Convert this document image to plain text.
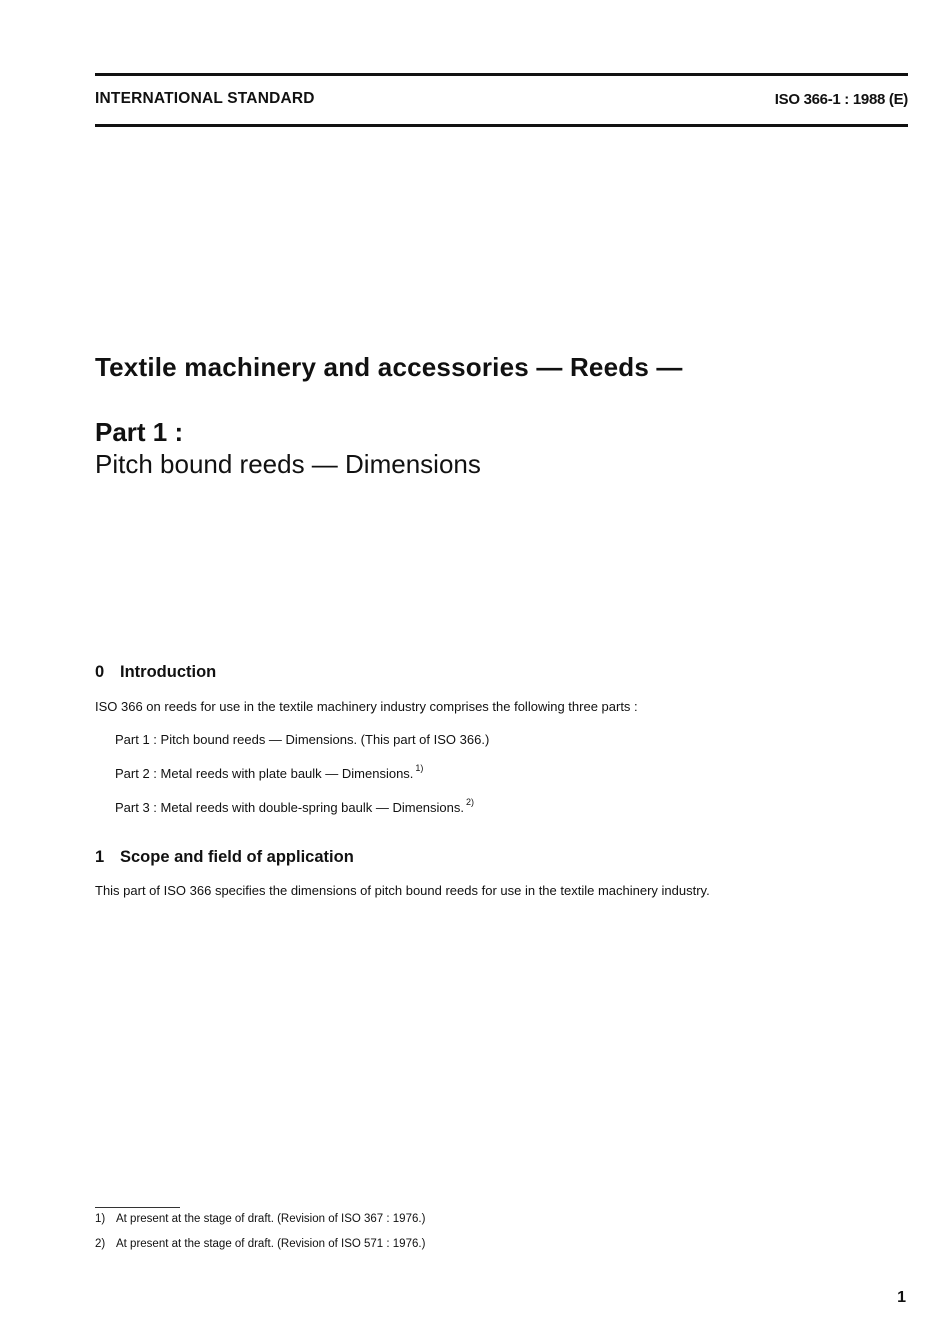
INTERNATIONAL STANDARD	ISO 366-1 : 1988 (E)
Textile machinery and accessories — Reeds —
Part 1 :
Pitch bound reeds — Dimensions
0 Introduction
ISO 366 on reeds for use in the textile machinery industry comprises the following three parts :
Part 1 : Pitch bound reeds — Dimensions. (This part of ISO 366.)
Part 2 : Metal reeds with plate baulk — Dimensions. $^{1)}$
Part 3 : Metal reeds with double-spring baulk — Dimensions. $^{2)}$
1 Scope and field of application
This part of ISO 366 specifies the dimensions of pitch bound reeds for use in the textile machinery industry.
1) At present at the stage of draft. (Revision of ISO 367 : 1976.)
2) At present at the stage of draft. (Revision of ISO 571 : 1976.)
1
